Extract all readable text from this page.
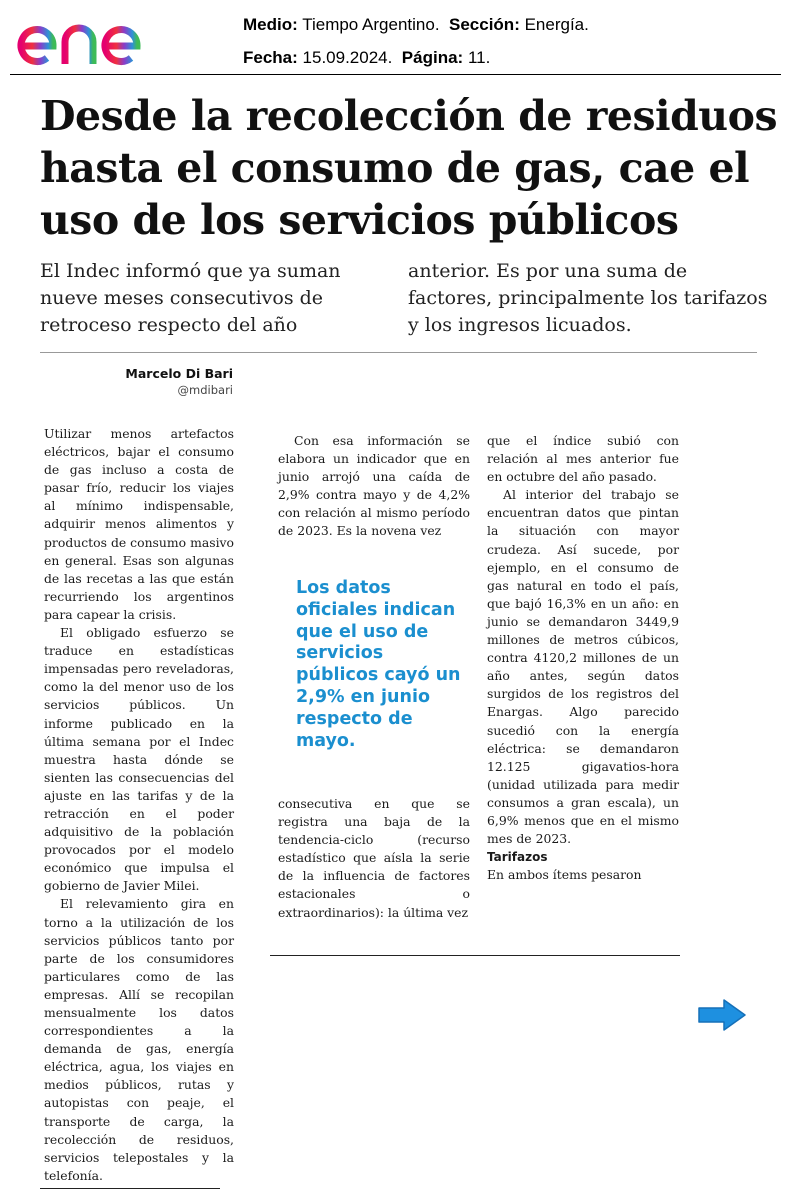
Medio: Tiempo Argentino. Sección: Energía.
Fecha: 15.09.2024. Página: 11.
Desde la recolección de residuos hasta el consumo de gas, cae el uso de los servicios públicos
El Indec informó que ya suman nueve meses consecutivos de retroceso respecto del año
anterior. Es por una suma de factores, principalmente los tarifazos y los ingresos licuados.
Marcelo Di Bari
@mdibari

Utilizar menos artefactos eléctricos, bajar el consumo de gas incluso a costa de pasar frío, reducir los viajes al mínimo indispensable, adquirir menos alimentos y productos de consumo masivo en general. Esas son algunas de las recetas a las que están recurriendo los argentinos para capear la crisis.

El obligado esfuerzo se traduce en estadísticas impensadas pero reveladoras, como la del menor uso de los servicios públicos. Un informe publicado en la última semana por el Indec muestra hasta dónde se sienten las consecuencias del ajuste en las tarifas y de la retracción en el poder adquisitivo de la población provocados por el modelo económico que impulsa el gobierno de Javier Milei.

El relevamiento gira en torno a la utilización de los servicios públicos tanto por parte de los consumidores particulares como de las empresas. Allí se recopilan mensualmente los datos correspondientes a la demanda de gas, energía eléctrica, agua, los viajes en medios públicos, rutas y autopistas con peaje, el transporte de carga, la recolección de residuos, servicios telepostales y la telefonía.

Con esa información se elabora un indicador que en junio arrojó una caída de 2,9% contra mayo y de 4,2% con relación al mismo período de 2023. Es la novena vez

Los datos oficiales indican que el uso de servicios públicos cayó un 2,9% en junio respecto de mayo.

consecutiva en que se registra una baja de la tendencia-ciclo (recurso estadístico que aísla la serie de la influencia de factores estacionales o extraordinarios): la última vez

que el índice subió con relación al mes anterior fue en octubre del año pasado.

Al interior del trabajo se encuentran datos que pintan la situación con mayor crudeza. Así sucede, por ejemplo, en el consumo de gas natural en todo el país, que bajó 16,3% en un año: en junio se demandaron 3449,9 millones de metros cúbicos, contra 4120,2 millones de un año antes, según datos surgidos de los registros del Enargas. Algo parecido sucedió con la energía eléctrica: se demandaron 12.125 gigavatios-hora (unidad utilizada para medir consumos a gran escala), un 6,9% menos que en el mismo mes de 2023.

Tarifazos

En ambos ítems pesaron
